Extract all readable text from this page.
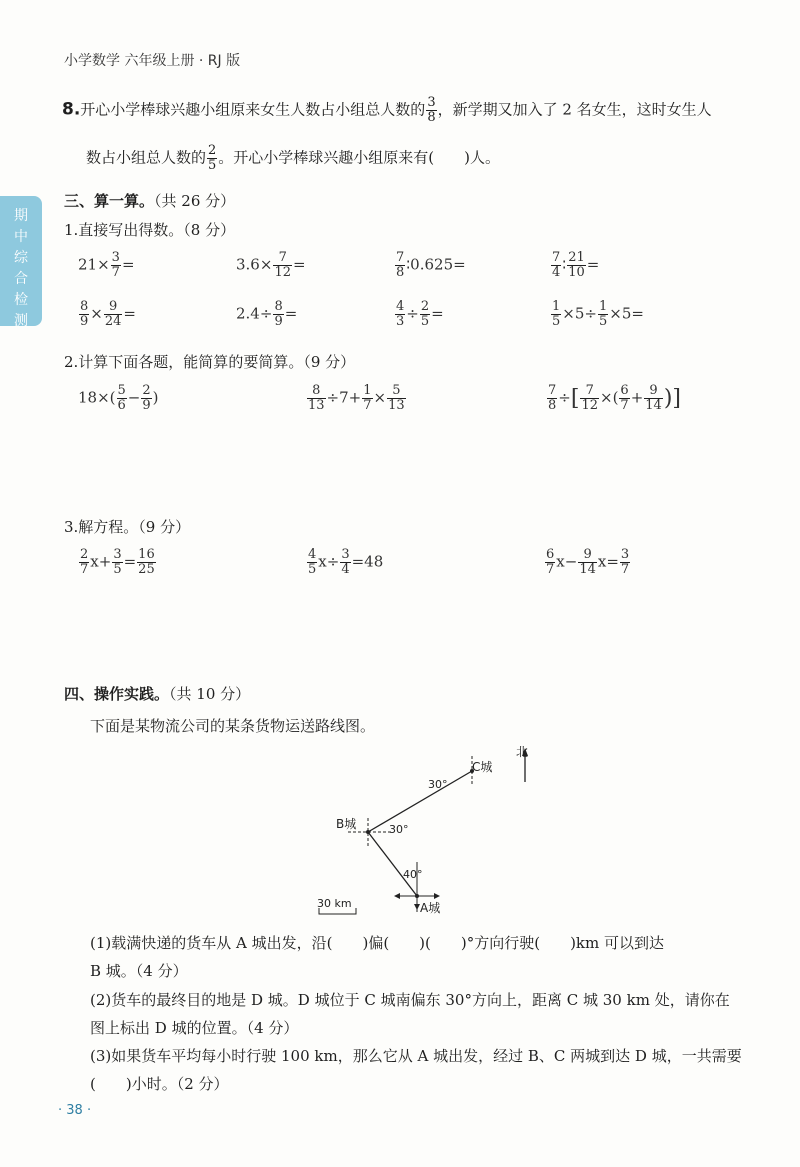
小学数学 六年级上册 · RJ 版
期中综合检测
8.开心小学棒球兴趣小组原来女生人数占小组总人数的 $\frac{3}{8}$ ，新学期又加入了 2 名女生，这时女生人
数占小组总人数的 $\frac{2}{5}$ 。开心小学棒球兴趣小组原来有(　　)人。
三、算一算。（共 26 分）
1.直接写出得数。（8 分）
$21\times \frac{3}{7}$ =	$3.6\times \frac{7}{12}$ =	$\frac{7}{8}$ ∶0.625=	$\frac{7}{4}$ ∶ $\frac{21}{10}$ =
$\frac{8}{9} \times \frac{9}{24}$ =	$2.4\div \frac{8}{9}$ =	$\frac{4}{3} \div \frac{2}{5}$ =	$\frac{1}{5} \times 5\div \frac{1}{5} \times 5=$
2.计算下面各题，能简算的要简算。（9 分）
$18\times( \frac{5}{6} - \frac{2}{9}$ )	$\frac{8}{13} \div 7+ \frac{1}{7} \times \frac{5}{13}$	$\frac{7}{8}$ ÷[ $\frac{7}{12}$ ×( $\frac{6}{7} + \frac{9}{14}$ )]
3.解方程。（9 分）
$\frac{2}{7} x+ \frac{3}{5} = \frac{16}{25}$	$\frac{4}{5} x\div \frac{3}{4} =48$	$\frac{6}{7} x- \frac{9}{14} x= \frac{3}{7}$
四、操作实践。（共 10 分）
下面是某物流公司的某条货物运送路线图。
北
C城
30°
B城	30°
A城
40°
30 km
(1)载满快递的货车从 A 城出发，沿(　　)偏(　　)(　　)°方向行驶(　　)km 可以到达
B 城。（4 分）
(2)货车的最终目的地是 D 城。D 城位于 C 城南偏东 30°方向上，距离 C 城 30 km 处，请你在
图上标出 D 城的位置。（4 分）
(3)如果货车平均每小时行驶 100 km，那么它从 A 城出发，经过 B、C 两城到达 D 城，一共需要
(　　)小时。（2 分）
· 38 ·
